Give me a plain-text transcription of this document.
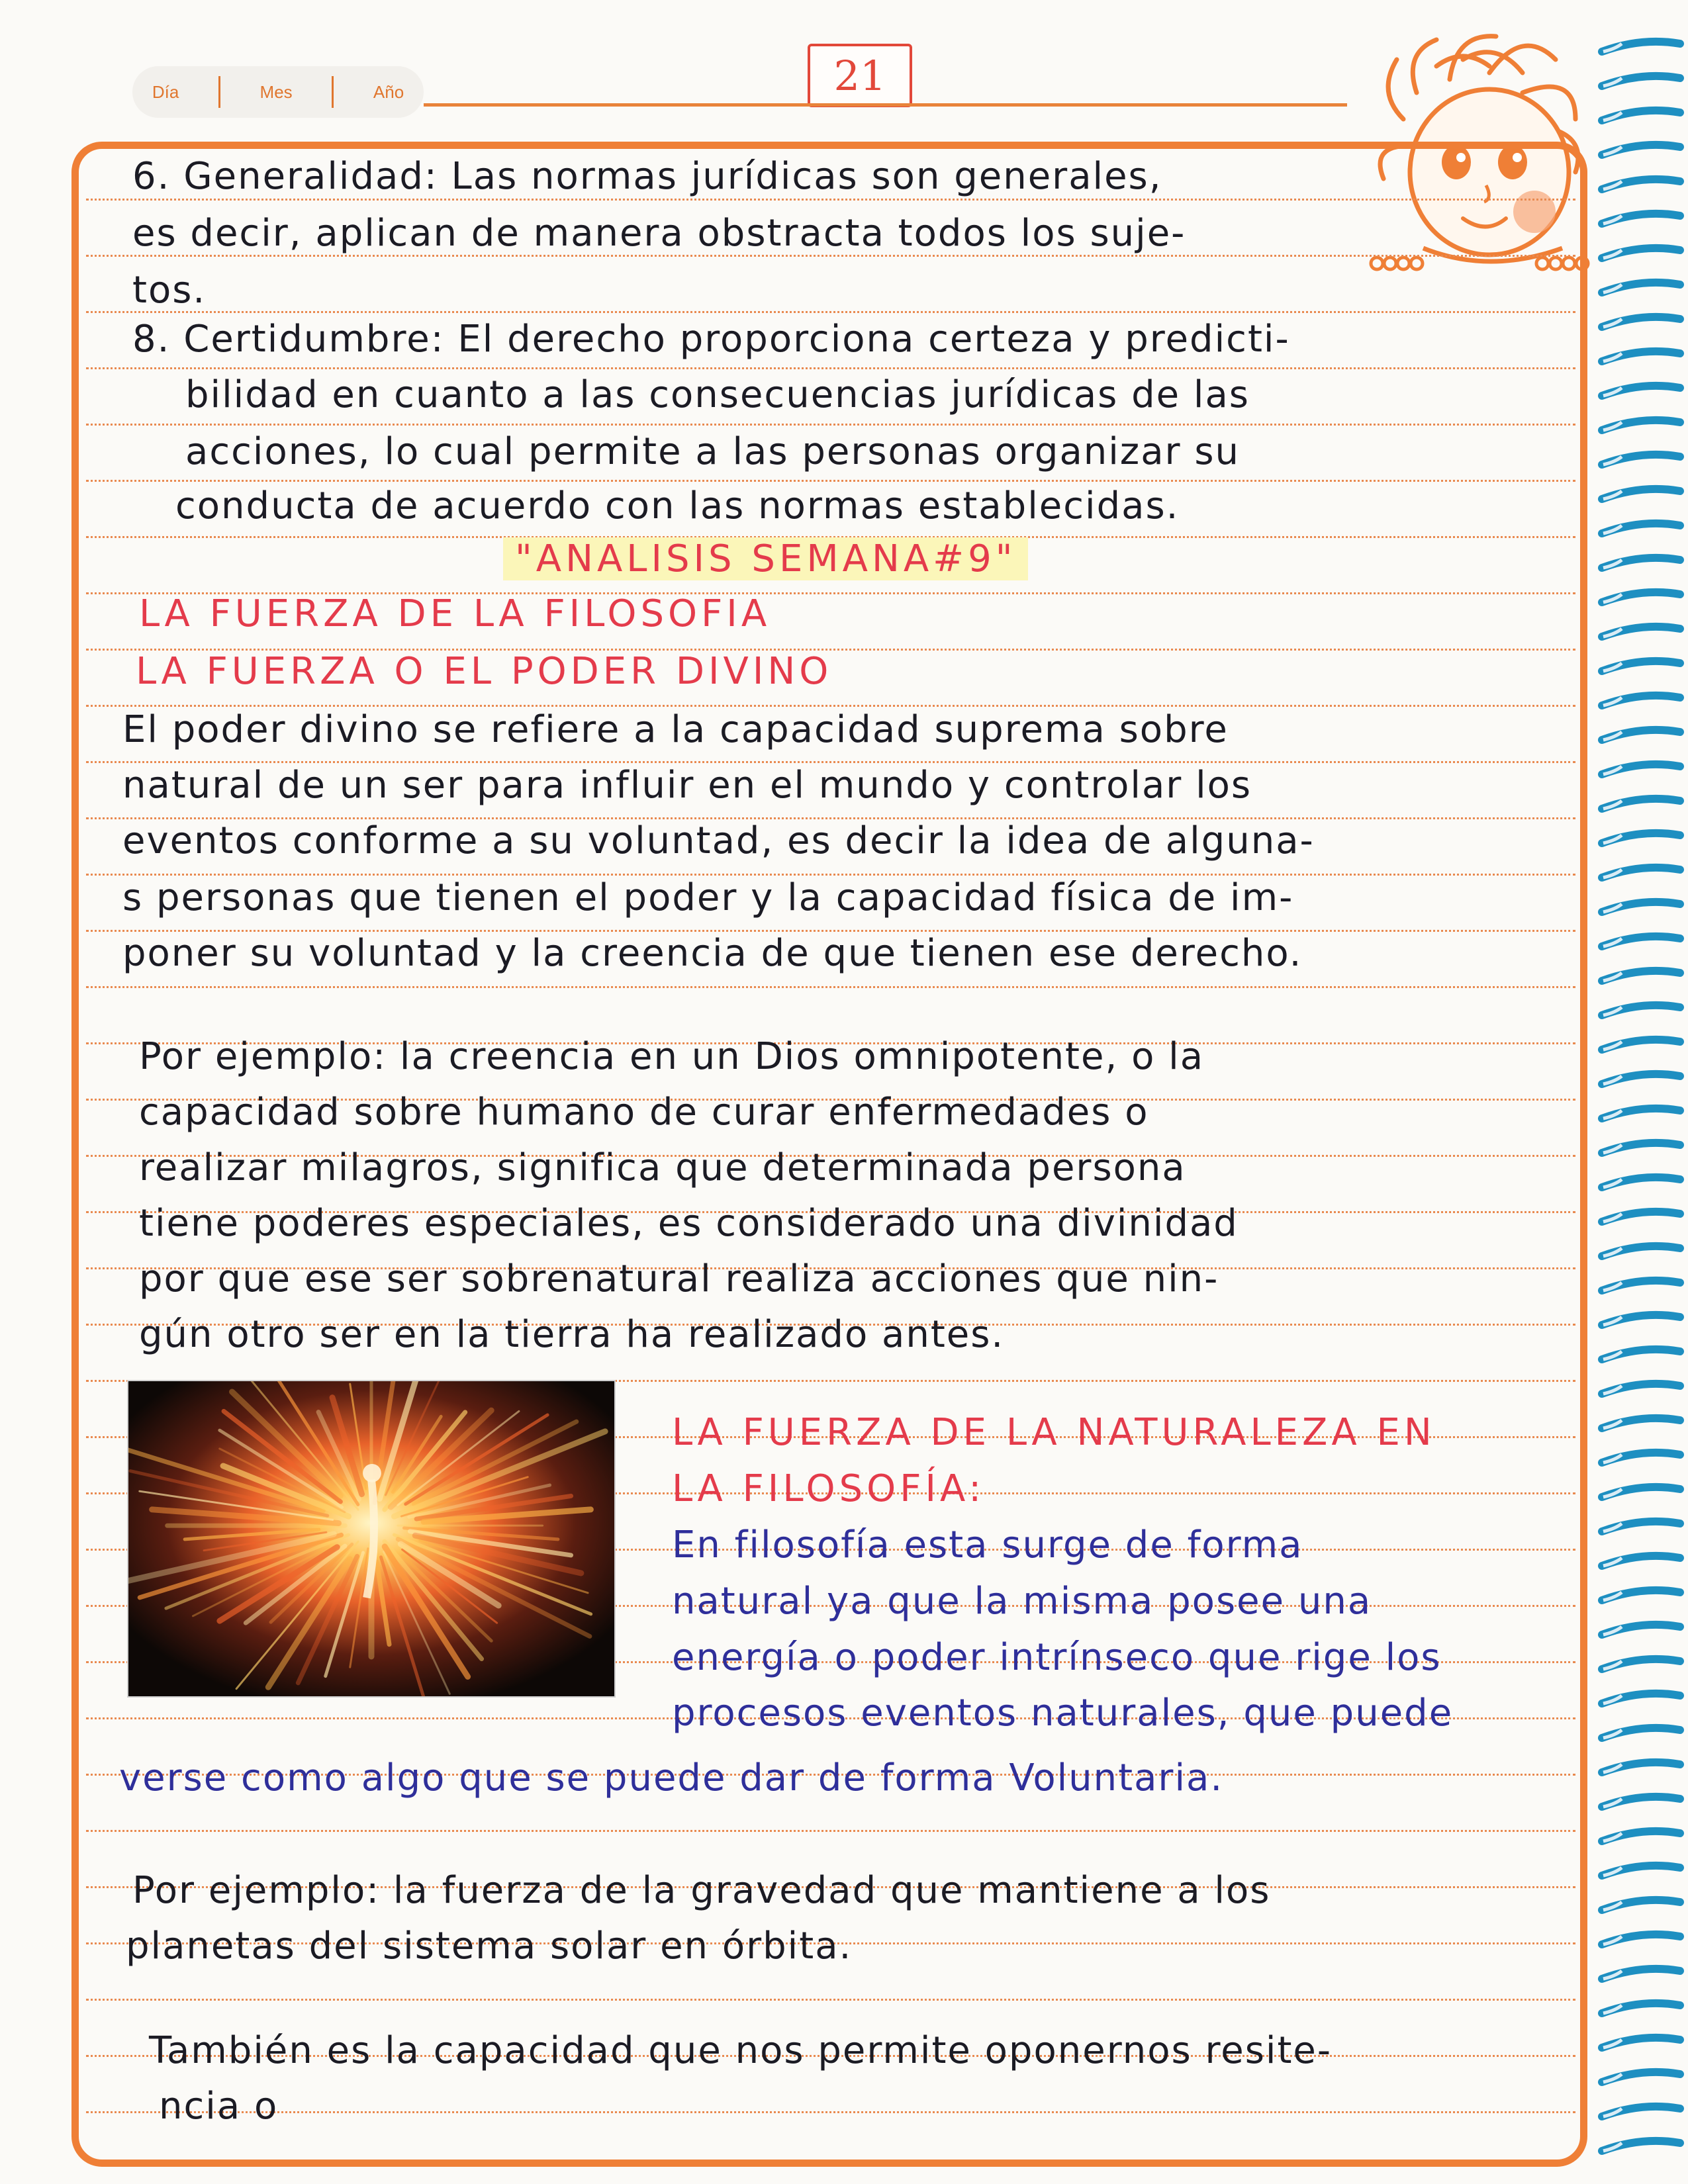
Día	Mes	Año	21
6. Generalidad: Las normas jurídicas son generales,
es decir, aplican de manera obstracta todos los suje-
tos.
8. Certidumbre: El derecho proporciona certeza y predicti-
bilidad en cuanto a las consecuencias jurídicas de las
acciones, lo cual permite a las personas organizar su
conducta de acuerdo con las normas establecidas.
"ANALISIS SEMANA#9"
LA FUERZA DE LA FILOSOFIA
LA FUERZA O EL PODER DIVINO
El poder divino se refiere a la capacidad suprema sobre
natural de un ser para influir en el mundo y controlar los
eventos conforme a su voluntad, es decir la idea de alguna-
s personas que tienen el poder y la capacidad física de im-
poner su voluntad y la creencia de que tienen ese derecho.
Por ejemplo: la creencia en un Dios omnipotente, o la
capacidad sobre humano de curar enfermedades o
realizar milagros, significa que determinada persona
tiene poderes especiales, es considerado una divinidad
por que ese ser sobrenatural realiza acciones que nin-
gún otro ser en la tierra ha realizado antes.
LA FUERZA DE LA NATURALEZA EN
LA FILOSOFÍA:
En filosofía esta surge de forma
natural ya que la misma posee una
energía o poder intrínseco que rige los
procesos eventos naturales, que puede
verse como algo que se puede dar de forma Voluntaria.
Por ejemplo: la fuerza de la gravedad que mantiene a los
planetas del sistema solar en órbita.
También es la capacidad que nos permite oponernos resite-
ncia o
